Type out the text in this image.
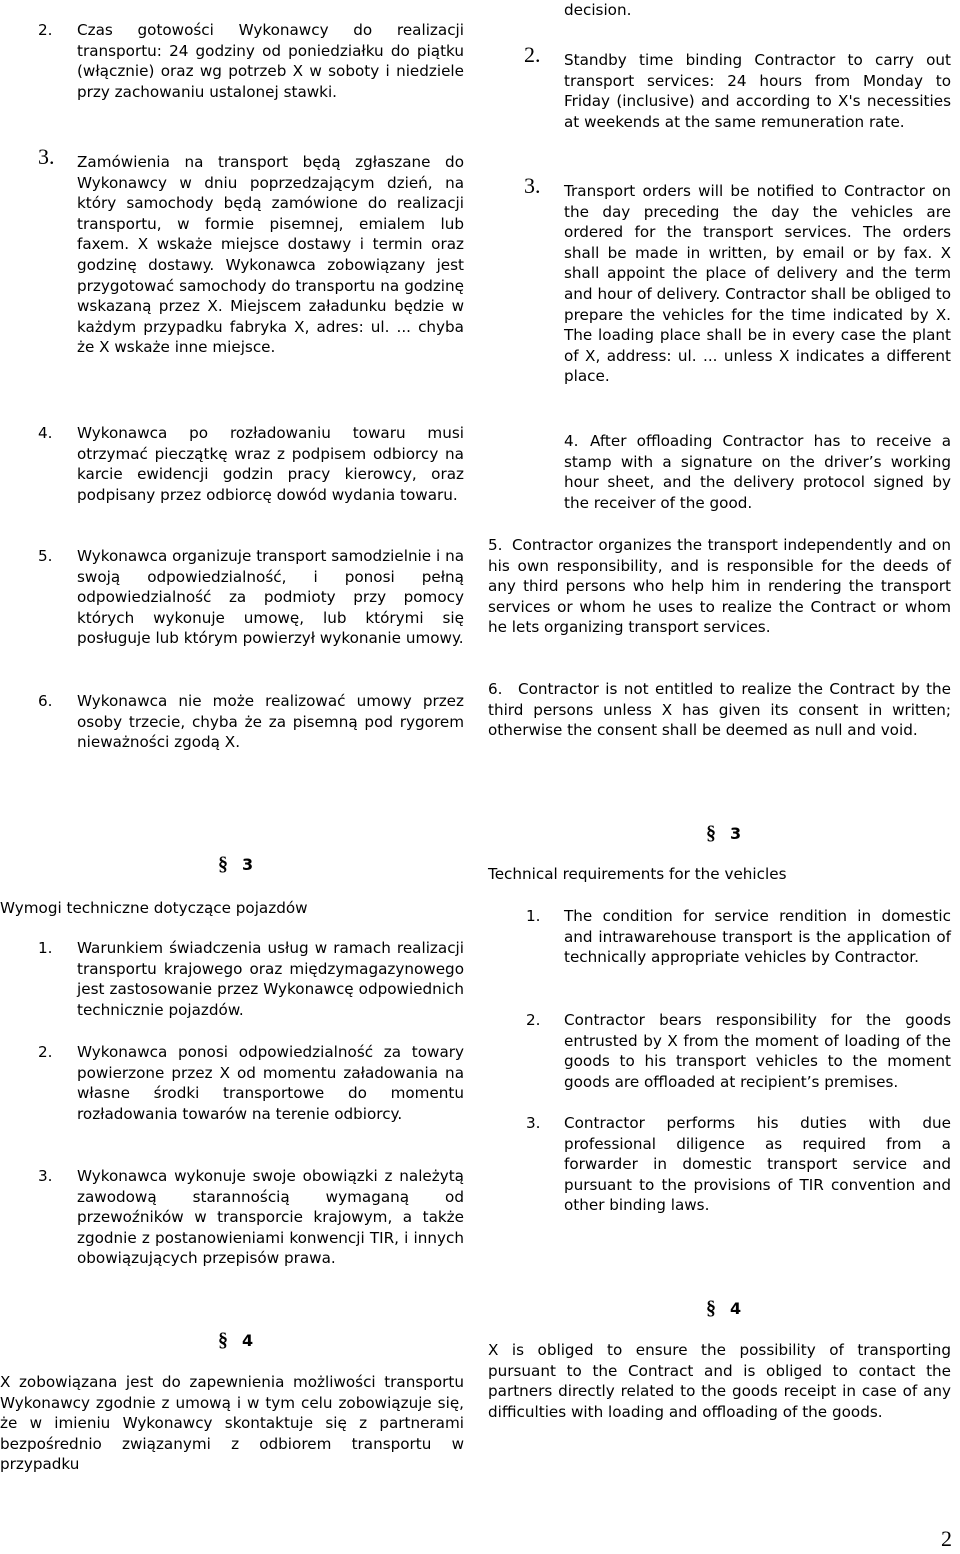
2. Czas gotowości Wykonawcy do realizacji transportu: 24 godziny od poniedziałku do piątku (włącznie) oraz wg potrzeb X w soboty i niedziele przy zachowaniu ustalonej stawki.
3. Zamówienia na transport będą zgłaszane do Wykonawcy w dniu poprzedzającym dzień, na który samochody będą zamówione do realizacji transportu, w formie pisemnej, emialem lub faxem. X wskaże miejsce dostawy i termin oraz godzinę dostawy. Wykonawca zobowiązany jest przygotować samochody do transportu na godzinę wskazaną przez X. Miejscem załadunku będzie w każdym przypadku fabryka X, adres: ul. ... chyba że X wskaże inne miejsce.
4. Wykonawca po rozładowaniu towaru musi otrzymać pieczątkę wraz z podpisem odbiorcy na karcie ewidencji godzin pracy kierowcy, oraz podpisany przez odbiorcę dowód wydania towaru.
5. Wykonawca organizuje transport samodzielnie i na swoją odpowiedzialność, i ponosi pełną odpowiedzialność za podmioty przy pomocy których wykonuje umowę, lub którymi się posługuje lub którym powierzył wykonanie umowy.
6. Wykonawca nie może realizować umowy przez osoby trzecie, chyba że za pisemną pod rygorem nieważności zgodą X.
§ 3
Wymogi techniczne dotyczące pojazdów
1. Warunkiem świadczenia usług w ramach realizacji transportu krajowego oraz międzymagazynowego jest zastosowanie przez Wykonawcę odpowiednich technicznie pojazdów.
2. Wykonawca ponosi odpowiedzialność za towary powierzone przez X od momentu załadowania na własne środki transportowe do momentu rozładowania towarów na terenie odbiorcy.
3. Wykonawca wykonuje swoje obowiązki z należytą zawodową starannością wymaganą od przewoźników w transporcie krajowym, a także zgodnie z postanowieniami konwencji TIR, i innych obowiązujących przepisów prawa.
§ 4
X zobowiązana jest do zapewnienia możliwości transportu Wykonawcy zgodnie z umową i w tym celu zobowiązuje się, że w imieniu Wykonawcy skontaktuje się z partnerami bezpośrednio związanymi z odbiorem transportu w przypadku
decision.
2. Standby time binding Contractor to carry out transport services: 24 hours from Monday to Friday (inclusive) and according to X's necessities at weekends at the same remuneration rate.
3. Transport orders will be notified to Contractor on the day preceding the day the vehicles are ordered for the transport services. The orders shall be made in written, by email or by fax. X shall appoint the place of delivery and the term and hour of delivery. Contractor shall be obliged to prepare the vehicles for the time indicated by X. The loading place shall be in every case the plant of X, address: ul. ... unless X indicates a different place.
4. After offloading Contractor has to receive a stamp with a signature on the driver’s working hour sheet, and the delivery protocol signed by the receiver of the good.
5. Contractor organizes the transport independently and on his own responsibility, and is responsible for the deeds of any third persons who help him in rendering the transport services or whom he uses to realize the Contract or whom he lets organizing transport services.
6.	Contractor is not entitled to realize the Contract by the third persons unless X has given its consent in written; otherwise the consent shall be deemed as null and void.
§ 3
Technical requirements for the vehicles
1. The condition for service rendition in domestic and intrawarehouse transport is the application of technically appropriate vehicles by Contractor.
2. Contractor bears responsibility for the goods entrusted by X from the moment of loading of the goods to his transport vehicles to the moment goods are offloaded at recipient’s premises.
3. Contractor performs his duties with due professional diligence as required from a forwarder in domestic transport service and pursuant to the provisions of TIR convention and other binding laws.
§ 4
X is obliged to ensure the possibility of transporting pursuant to the Contract and is obliged to contact the partners directly related to the goods receipt in case of any difficulties with loading and offloading of the goods.
2
